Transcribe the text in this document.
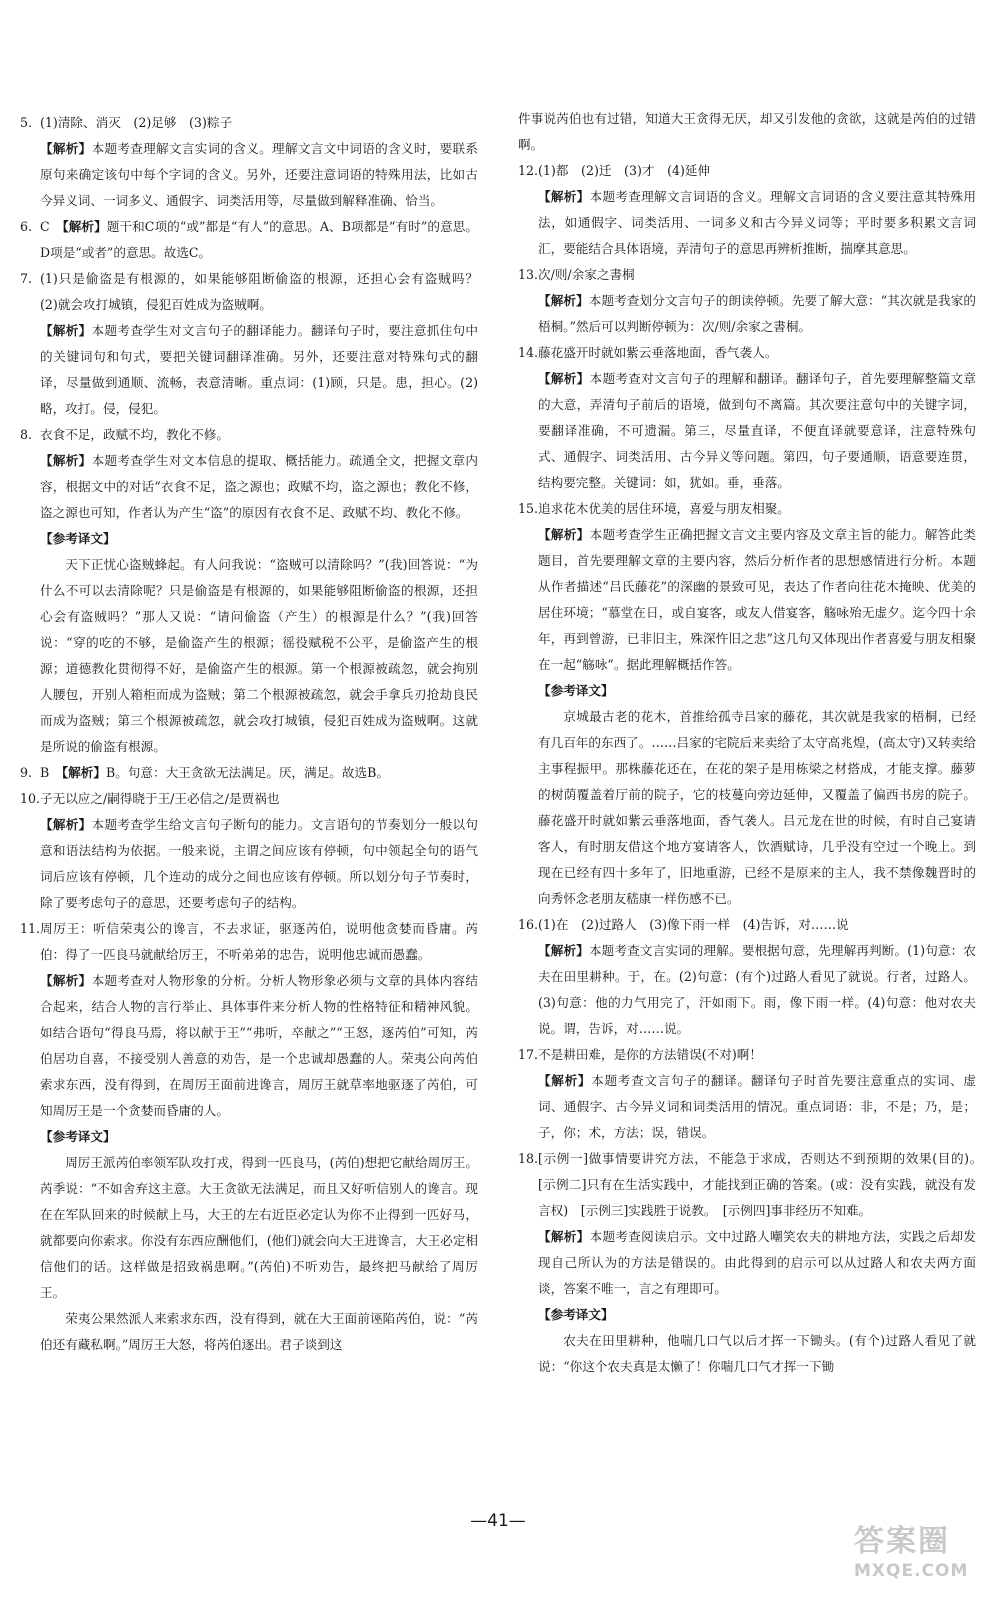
5. (1)清除、消灭　(2)足够　(3)粽子
【解析】本题考查理解文言实词的含义。理解文言文中词语的含义时，要联系原句来确定该句中每个字词的含义。另外，还要注意词语的特殊用法，比如古今异义词、一词多义、通假字、词类活用等，尽量做到解释准确、恰当。
6. C　【解析】题干和C项的“或”都是“有人”的意思。A、B项都是“有时”的意思。D项是“或者”的意思。故选C。
7. (1)只是偷盗是有根源的，如果能够阻断偷盗的根源，还担心会有盗贼吗？　(2)就会攻打城镇，侵犯百姓成为盗贼啊。
【解析】本题考查学生对文言句子的翻译能力。翻译句子时，要注意抓住句中的关键词句和句式，要把关键词翻译准确。另外，还要注意对特殊句式的翻译，尽量做到通顺、流畅，表意清晰。重点词：(1)顾，只是。患，担心。(2)略，攻打。侵，侵犯。
8. 衣食不足，政赋不均，教化不修。
【解析】本题考查学生对文本信息的提取、概括能力。疏通全文，把握文章内容，根据文中的对话“衣食不足，盗之源也；政赋不均，盗之源也；教化不修，盗之源也可知，作者认为产生“盗”的原因有衣食不足、政赋不均、教化不修。
【参考译文】
天下正忧心盗贼蜂起。有人问我说：“盗贼可以清除吗？”(我)回答说：“为什么不可以去清除呢？只是偷盗是有根源的，如果能够阻断偷盗的根源，还担心会有盗贼吗？”那人又说：“请问偷盗（产生）的根源是什么？”(我)回答说：“穿的吃的不够，是偷盗产生的根源；徭役赋税不公平，是偷盗产生的根源；道德教化贯彻得不好，是偷盗产生的根源。第一个根源被疏忽，就会拘别人腰包，开别人箱柜而成为盗贼；第二个根源被疏忽，就会手拿兵刃抢劫良民而成为盗贼；第三个根源被疏忽，就会攻打城镇，侵犯百姓成为盗贼啊。这就是所说的偷盗有根源。
9. B　【解析】B。句意：大王贪欲无法满足。厌，满足。故选B。
10. 子无以应之/嗣得晓于王/王必信之/是贾祸也
【解析】本题考查学生给文言句子断句的能力。文言语句的节奏划分一般以句意和语法结构为依据。一般来说，主谓之间应该有停顿，句中领起全句的语气词后应该有停顿，几个连动的成分之间也应该有停顿。所以划分句子节奏时，除了要考虑句子的意思，还要考虑句子的结构。
11. 周厉王：听信荣夷公的谗言，不去求证，驱逐芮伯，说明他贪婪而昏庸。芮伯：得了一匹良马就献给厉王，不听弟弟的忠告，说明他忠诚而愚蠢。
【解析】本题考查对人物形象的分析。分析人物形象必须与文章的具体内容结合起来，结合人物的言行举止、具体事件来分析人物的性格特征和精神风貌。如结合语句“得良马焉，将以献于王”“弗听，卒献之”“王怒，逐芮伯”可知，芮伯居功自喜，不接受别人善意的劝告，是一个忠诚却愚蠢的人。荣夷公向芮伯索求东西，没有得到，在周厉王面前进谗言，周厉王就草率地驱逐了芮伯，可知周厉王是一个贪婪而昏庸的人。
【参考译文】
周厉王派芮伯率领军队攻打戎，得到一匹良马，(芮伯)想把它献给周厉王。芮季说：“不如舍弃这主意。大王贪欲无法满足，而且又好听信别人的谗言。现在在军队回来的时候献上马，大王的左右近臣必定认为你不止得到一匹好马，就都要向你索求。你没有东西应酬他们，(他们)就会向大王进谗言，大王必定相信他们的话。这样做是招致祸患啊。”(芮伯)不听劝告，最终把马献给了周厉王。
荣夷公果然派人来索求东西，没有得到，就在大王面前诬陷芮伯，说：“芮伯还有藏私啊。”周厉王大怒，将芮伯逐出。君子谈到这
件事说芮伯也有过错，知道大王贪得无厌，却又引发他的贪欲，这就是芮伯的过错啊。
12. (1)都　(2)迁　(3)才　(4)延伸
【解析】本题考查理解文言词语的含义。理解文言词语的含义要注意其特殊用法，如通假字、词类活用、一词多义和古今异义词等；平时要多积累文言词汇，要能结合具体语境，弄清句子的意思再辨析推断，揣摩其意思。
13. 次/则/余家之書桐
【解析】本题考查划分文言句子的朗读停顿。先要了解大意：“其次就是我家的梧桐。”然后可以判断停顿为：次/则/余家之書桐。
14. 藤花盛开时就如紫云垂落地面，香气袭人。
【解析】本题考查对文言句子的理解和翻译。翻译句子，首先要理解整篇文章的大意，弄清句子前后的语境，做到句不离篇。其次要注意句中的关键字词，要翻译准确，不可遗漏。第三，尽量直译，不便直译就要意译，注意特殊句式、通假字、词类活用、古今异义等问题。第四，句子要通顺，语意要连贯，结构要完整。关键词：如，犹如。垂，垂落。
15. 追求花木优美的居住环境，喜爱与朋友相聚。
【解析】本题考查学生正确把握文言文主要内容及文章主旨的能力。解答此类题目，首先要理解文章的主要内容，然后分析作者的思想感情进行分析。本题从作者描述“吕氏藤花”的深幽的景致可见，表达了作者向往花木掩映、优美的居住环境；“慕堂在日，或自宴客，或友人借宴客，觞咏殆无虚夕。迄今四十余年，再到曾游，已非旧主，殊深忤旧之悲”这几句又体现出作者喜爱与朋友相聚在一起“觞咏”。据此理解概括作答。
【参考译文】
京城最古老的花木，首推给孤寺吕家的藤花，其次就是我家的梧桐，已经有几百年的东西了。……吕家的宅院后来卖给了太守高兆煌，(高太守)又转卖给主事程振甲。那株藤花还在，在花的架子是用栋梁之材搭成，才能支撑。藤萝的树荫覆盖着厅前的院子，它的枝蔓向旁边延伸，又覆盖了偏西书房的院子。藤花盛开时就如紫云垂落地面，香气袭人。吕元龙在世的时候，有时自己宴请客人，有时朋友借这个地方宴请客人，饮酒赋诗，几乎没有空过一个晚上。到现在已经有四十多年了，旧地重游，已经不是原来的主人，我不禁像魏晋时的向秀怀念老朋友嵇康一样伤感不已。
16. (1)在　(2)过路人　(3)像下雨一样　(4)告诉，对……说
【解析】本题考查文言实词的理解。要根据句意，先理解再判断。(1)句意：农夫在田里耕种。于，在。(2)句意：(有个)过路人看见了就说。行者，过路人。(3)句意：他的力气用完了，汗如雨下。雨，像下雨一样。(4)句意：他对农夫说。谓，告诉，对……说。
17. 不是耕田难，是你的方法错误(不对)啊！
【解析】本题考查文言句子的翻译。翻译句子时首先要注意重点的实词、虚词、通假字、古今异义词和词类活用的情况。重点词语：非，不是；乃，是；子，你；术，方法；误，错误。
18. [示例一]做事情要讲究方法，不能急于求成，否则达不到预期的效果(目的)。　[示例二]只有在生活实践中，才能找到正确的答案。(或：没有实践，就没有发言权)　[示例三]实践胜于说教。　[示例四]事非经历不知难。
【解析】本题考查阅读启示。文中过路人嘲笑农夫的耕地方法，实践之后却发现自己所认为的方法是错误的。由此得到的启示可以从过路人和农夫两方面谈，答案不唯一，言之有理即可。
【参考译文】
农夫在田里耕种，他喘几口气以后才挥一下锄头。(有个)过路人看见了就说：“你这个农夫真是太懒了！你喘几口气才挥一下锄
—41—
答案圈
MXQE.COM
